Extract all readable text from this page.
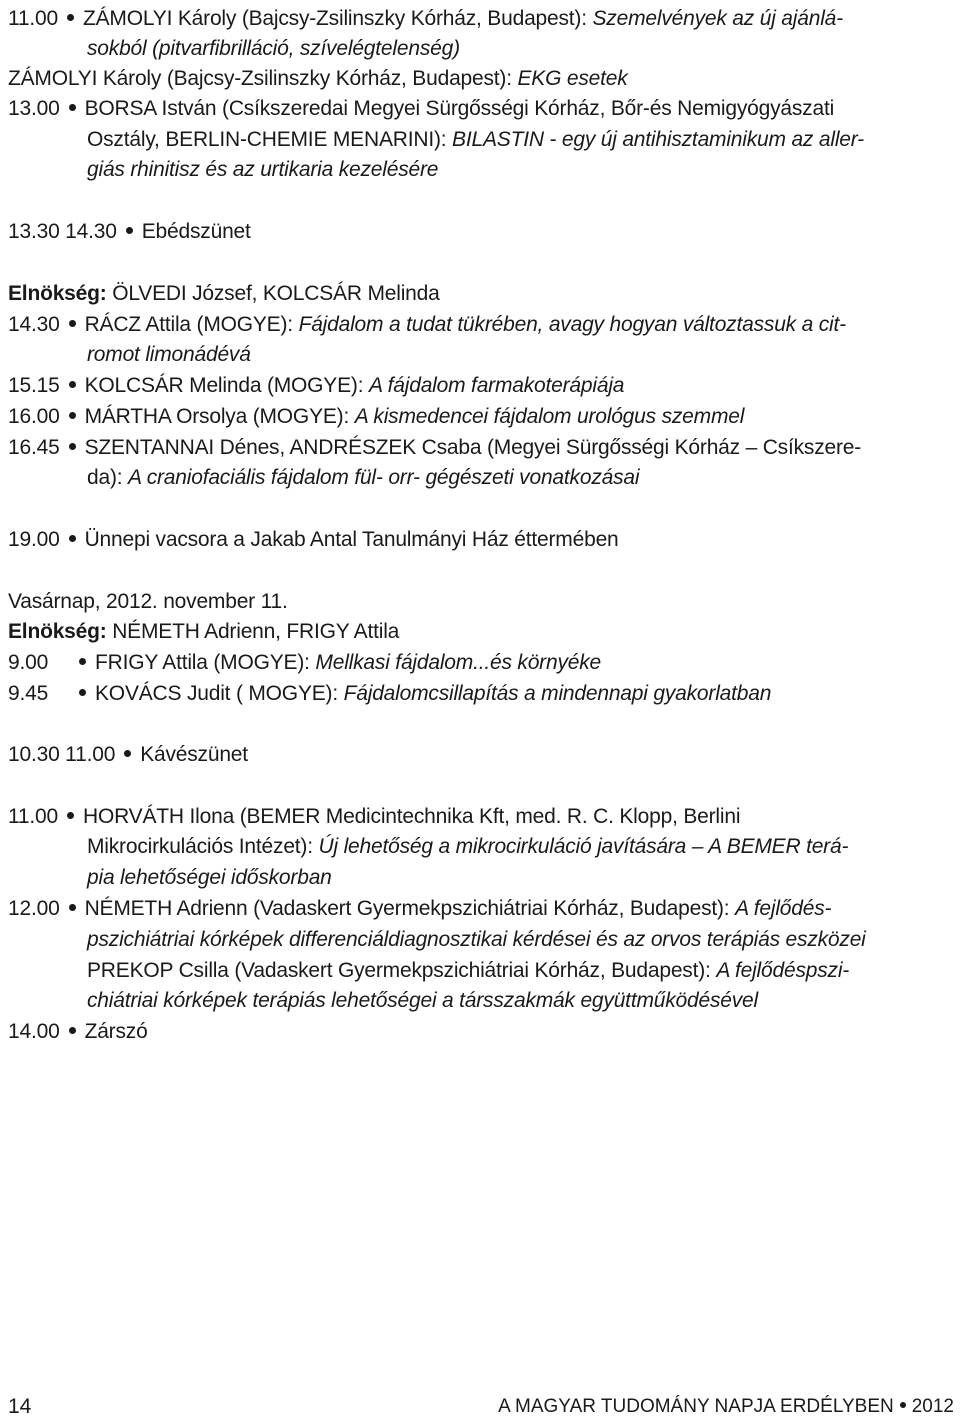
11.00 ZÁMOLYI Károly (Bajcsy-Zsilinszky Kórház, Budapest): Szemelvények az új ajánlá-
sokból (pitvarfibrilláció, szívelégtelenség)
ZÁMOLYI Károly (Bajcsy-Zsilinszky Kórház, Budapest): EKG esetek
13.00 BORSA István (Csíkszeredai Megyei Sürgősségi Kórház, Bőr-és Nemigyógyászati
Osztály, BERLIN-CHEMIE MENARINI): BILASTIN - egy új antihisztaminikum az aller-
giás rhinitisz és az urtikaria kezelésére
13.30 14.30 Ebédszünet
Elnökség: ÖLVEDI József, KOLCSÁR Melinda
14.30 RÁCZ Attila (MOGYE): Fájdalom a tudat tükrében, avagy hogyan változtassuk a cit-
romot limonádévá
15.15 KOLCSÁR Melinda (MOGYE): A fájdalom farmakoterápiája
16.00 MÁRTHA Orsolya (MOGYE): A kismedencei fájdalom urológus szemmel
16.45 SZENTANNAI Dénes, ANDRÉSZEK Csaba (Megyei Sürgősségi Kórház – Csíkszere-
da): A craniofaciális fájdalom fül- orr- gégészeti vonatkozásai
19.00 Ünnepi vacsora a Jakab Antal Tanulmányi Ház éttermében
Vasárnap, 2012. november 11.
Elnökség: NÉMETH Adrienn, FRIGY Attila
9.00 FRIGY Attila (MOGYE): Mellkasi fájdalom...és környéke
9.45 KOVÁCS Judit ( MOGYE): Fájdalomcsillapítás a mindennapi gyakorlatban
10.30 11.00 Kávészünet
11.00 HORVÁTH Ilona (BEMER Medicintechnika Kft, med. R. C. Klopp, Berlini
Mikrocirkulációs Intézet): Új lehetőség a mikrocirkuláció javítására – A BEMER terá-
pia lehetőségei időskorban
12.00 NÉMETH Adrienn (Vadaskert Gyermekpszichiátriai Kórház, Budapest): A fejlődés-
pszichiátriai kórképek differenciáldiagnosztikai kérdései és az orvos terápiás eszközei
PREKOP Csilla (Vadaskert Gyermekpszichiátriai Kórház, Budapest): A fejlődéspszi-
chiátriai kórképek terápiás lehetőségei a társszakmák együttműködésével
14.00 Zárszó
14	A MAGYAR TUDOMÁNY NAPJA ERDÉLYBEN 2012
